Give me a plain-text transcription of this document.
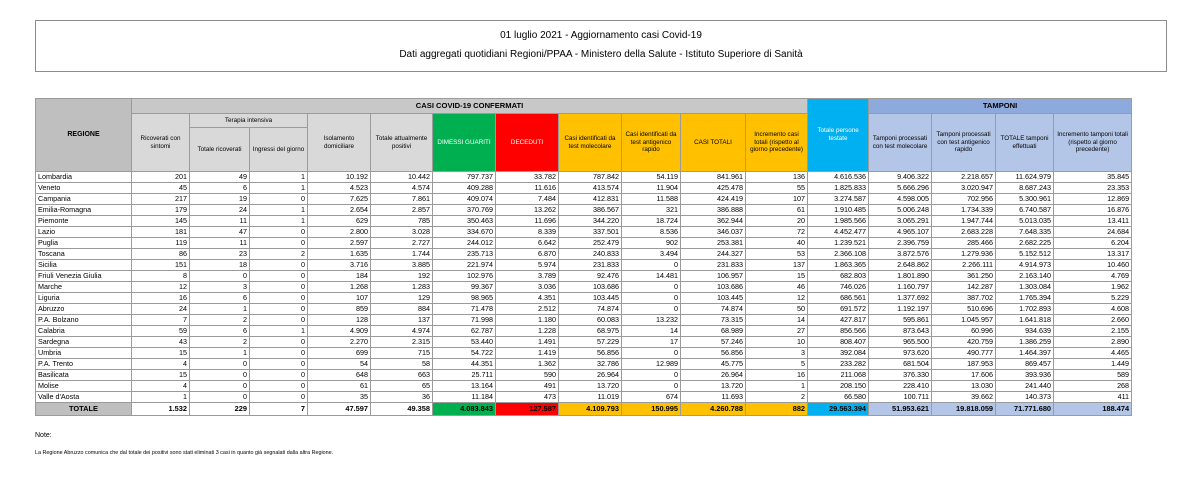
01 luglio 2021 - Aggiornamento casi Covid-19
Dati aggregati quotidiani Regioni/PPAA - Ministero della Salute - Istituto Superiore di Sanità
REGIONE	CASI COVID-19 CONFERMATI											Totale persone testate	TAMPONI			
	Ricoverati con sintomi	Terapia intensiva		Isolamento domiciliare	Totale attualmente positivi	DIMESSI GUARITI	DECEDUTI	Casi identificati da test molecolare	Casi identificati da test antigenico rapido	CASI TOTALI	Incremento casi totali (rispetto al giorno precedente)		Tamponi processati con test molecolare	Tamponi processati con test antigenico rapido	TOTALE tamponi effettuati	Incremento tamponi totali (rispetto al giorno precedente)
		Totale ricoverati	Ingressi del giorno													
Lombardia	201	49	1	10.192	10.442	797.737	33.782	787.842	54.119	841.961	136	4.616.536	9.406.322	2.218.657	11.624.979	35.845
Veneto	45	6	1	4.523	4.574	409.288	11.616	413.574	11.904	425.478	55	1.825.833	5.666.296	3.020.947	8.687.243	23.353
Campania	217	19	0	7.625	7.861	409.074	7.484	412.831	11.588	424.419	107	3.274.587	4.598.005	702.956	5.300.961	12.869
Emilia-Romagna	179	24	1	2.654	2.857	370.769	13.262	386.567	321	386.888	61	1.910.485	5.006.248	1.734.339	6.740.587	16.876
Piemonte	145	11	1	629	785	350.463	11.696	344.220	18.724	362.944	20	1.985.566	3.065.291	1.947.744	5.013.035	13.411
Lazio	181	47	0	2.800	3.028	334.670	8.339	337.501	8.536	346.037	72	4.452.477	4.965.107	2.683.228	7.648.335	24.684
Puglia	119	11	0	2.597	2.727	244.012	6.642	252.479	902	253.381	40	1.239.521	2.396.759	285.466	2.682.225	6.204
Toscana	86	23	2	1.635	1.744	235.713	6.870	240.833	3.494	244.327	53	2.366.108	3.872.576	1.279.936	5.152.512	13.317
Sicilia	151	18	0	3.716	3.885	221.974	5.974	231.833	0	231.833	137	1.863.365	2.648.862	2.266.111	4.914.973	10.460
Friuli Venezia Giulia	8	0	0	184	192	102.976	3.789	92.476	14.481	106.957	15	682.803	1.801.890	361.250	2.163.140	4.769
Marche	12	3	0	1.268	1.283	99.367	3.036	103.686	0	103.686	46	746.026	1.160.797	142.287	1.303.084	1.962
Liguria	16	6	0	107	129	98.965	4.351	103.445	0	103.445	12	686.561	1.377.692	387.702	1.765.394	5.229
Abruzzo	24	1	0	859	884	71.478	2.512	74.874	0	74.874	50	691.572	1.192.197	510.696	1.702.893	4.608
P.A. Bolzano	7	2	0	128	137	71.998	1.180	60.083	13.232	73.315	14	427.817	595.861	1.045.957	1.641.818	2.660
Calabria	59	6	1	4.909	4.974	62.787	1.228	68.975	14	68.989	27	856.566	873.643	60.996	934.639	2.155
Sardegna	43	2	0	2.270	2.315	53.440	1.491	57.229	17	57.246	10	808.407	965.500	420.759	1.386.259	2.890
Umbria	15	1	0	699	715	54.722	1.419	56.856	0	56.856	3	392.084	973.620	490.777	1.464.397	4.465
P.A. Trento	4	0	0	54	58	44.351	1.362	32.786	12.989	45.775	5	233.282	681.504	187.953	869.457	1.449
Basilicata	15	0	0	648	663	25.711	590	26.964	0	26.964	16	211.068	376.330	17.606	393.936	589
Molise	4	0	0	61	65	13.164	491	13.720	0	13.720	1	208.150	228.410	13.030	241.440	268
Valle d'Aosta	1	0	0	35	36	11.184	473	11.019	674	11.693	2	66.580	100.711	39.662	140.373	411
TOTALE	1.532	229	7	47.597	49.358	4.083.843	127.587	4.109.793	150.995	4.260.788	882	29.563.394	51.953.621	19.818.059	71.771.680	188.474
Note:
La Regione Abruzzo comunica che dal totale dei positivi sono stati eliminati 3 casi in quanto già segnalati dalla altra Regione.
